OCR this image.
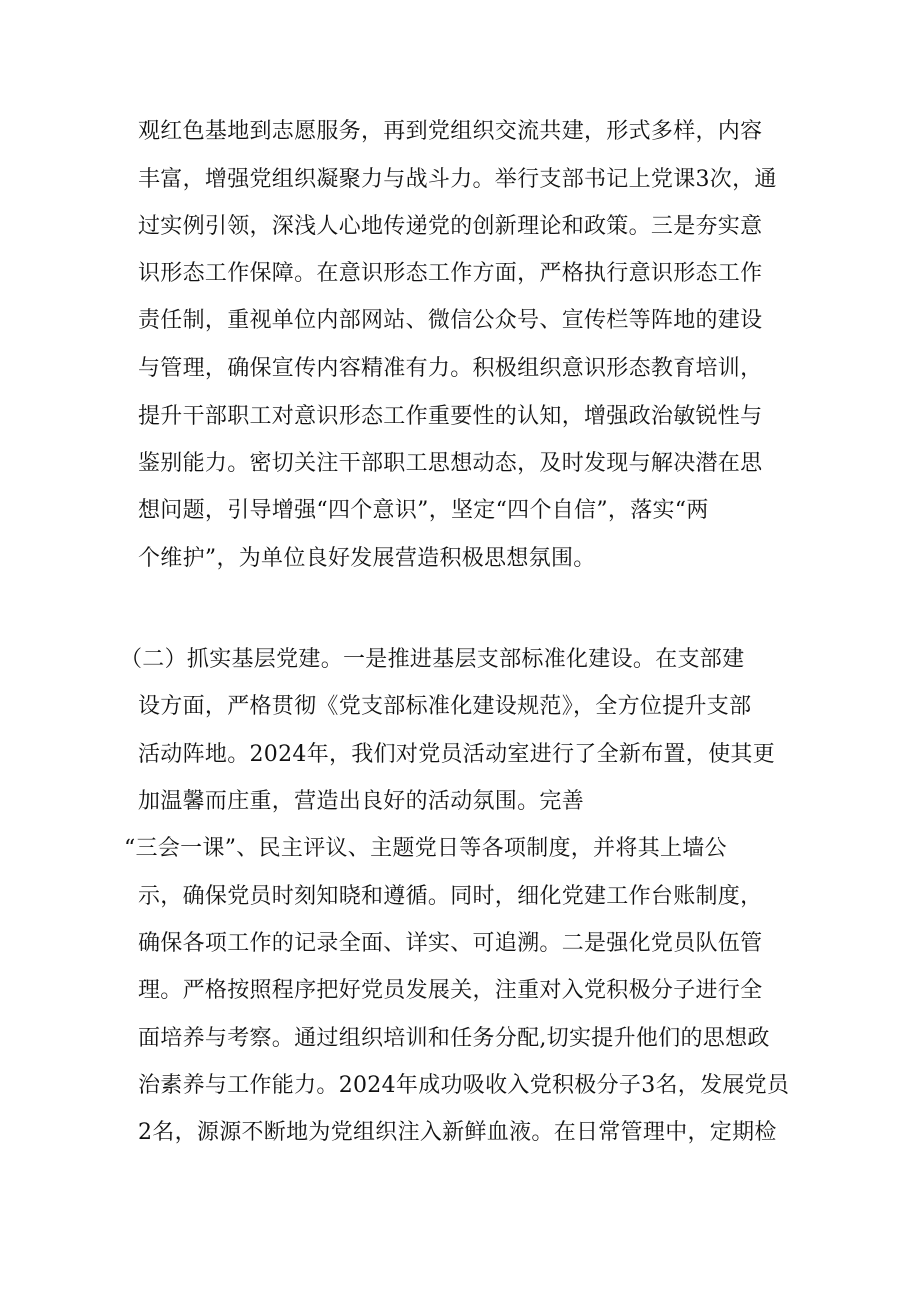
观红色基地到志愿服务，再到党组织交流共建，形式多样，内容
丰富，增强党组织凝聚力与战斗力。举行支部书记上党课3次，通
过实例引领，深浅人心地传递党的创新理论和政策。三是夯实意
识形态工作保障。在意识形态工作方面，严格执行意识形态工作
责任制，重视单位内部网站、微信公众号、宣传栏等阵地的建设
与管理，确保宣传内容精准有力。积极组织意识形态教育培训，
提升干部职工对意识形态工作重要性的认知，增强政治敏锐性与
鉴别能力。密切关注干部职工思想动态，及时发现与解决潜在思
想问题，引导增强“四个意识”，坚定“四个自信”，落实“两
个维护”，为单位良好发展营造积极思想氛围。
（二）抓实基层党建。一是推进基层支部标准化建设。在支部建
设方面，严格贯彻《党支部标准化建设规范》，全方位提升支部
活动阵地。2024年，我们对党员活动室进行了全新布置，使其更
加温馨而庄重，营造出良好的活动氛围。完善
“三会一课”、民主评议、主题党日等各项制度，并将其上墙公
示，确保党员时刻知晓和遵循。同时，细化党建工作台账制度，
确保各项工作的记录全面、详实、可追溯。二是强化党员队伍管
理。严格按照程序把好党员发展关，注重对入党积极分子进行全
面培养与考察。通过组织培训和任务分配,切实提升他们的思想政
治素养与工作能力。2024年成功吸收入党积极分子3名，发展党员
2名，源源不断地为党组织注入新鲜血液。在日常管理中，定期检
